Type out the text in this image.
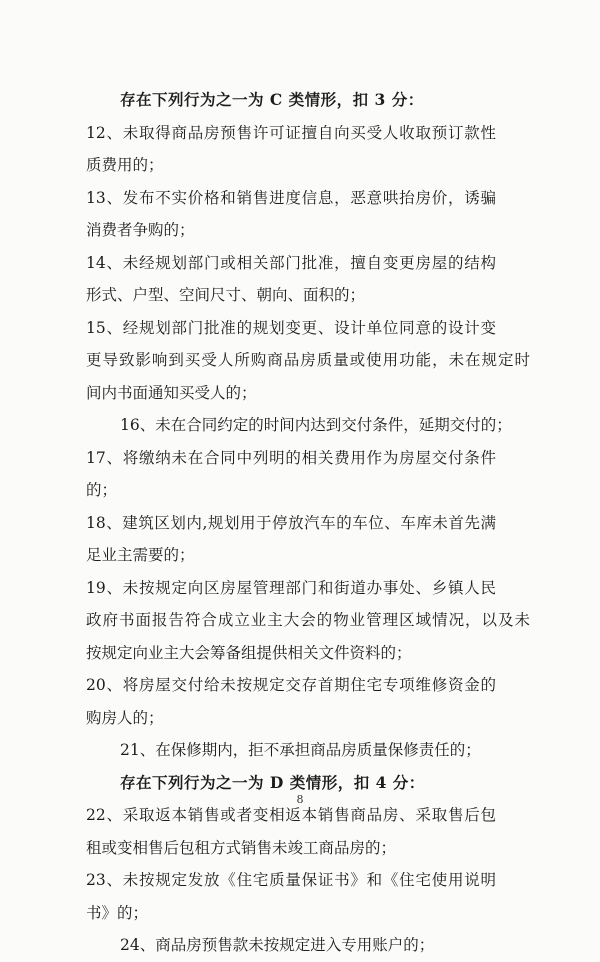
存在下列行为之一为 C 类情形，扣 3 分：
12、未取得商品房预售许可证擅自向买受人收取预订款性
质费用的；
13、发布不实价格和销售进度信息，恶意哄抬房价，诱骗
消费者争购的；
14、未经规划部门或相关部门批准，擅自变更房屋的结构
形式、户型、空间尺寸、朝向、面积的；
15、经规划部门批准的规划变更、设计单位同意的设计变
更导致影响到买受人所购商品房质量或使用功能，未在规定时
间内书面通知买受人的；
16、未在合同约定的时间内达到交付条件，延期交付的；
17、将缴纳未在合同中列明的相关费用作为房屋交付条件
的；
18、建筑区划内,规划用于停放汽车的车位、车库未首先满
足业主需要的；
19、未按规定向区房屋管理部门和街道办事处、乡镇人民
政府书面报告符合成立业主大会的物业管理区域情况，以及未
按规定向业主大会筹备组提供相关文件资料的；
20、将房屋交付给未按规定交存首期住宅专项维修资金的
购房人的；
21、在保修期内，拒不承担商品房质量保修责任的；
存在下列行为之一为 D 类情形，扣 4 分：
22、采取返本销售或者变相返本销售商品房、采取售后包
租或变相售后包租方式销售未竣工商品房的；
23、未按规定发放《住宅质量保证书》和《住宅使用说明
书》的；
24、商品房预售款未按规定进入专用账户的；
8
